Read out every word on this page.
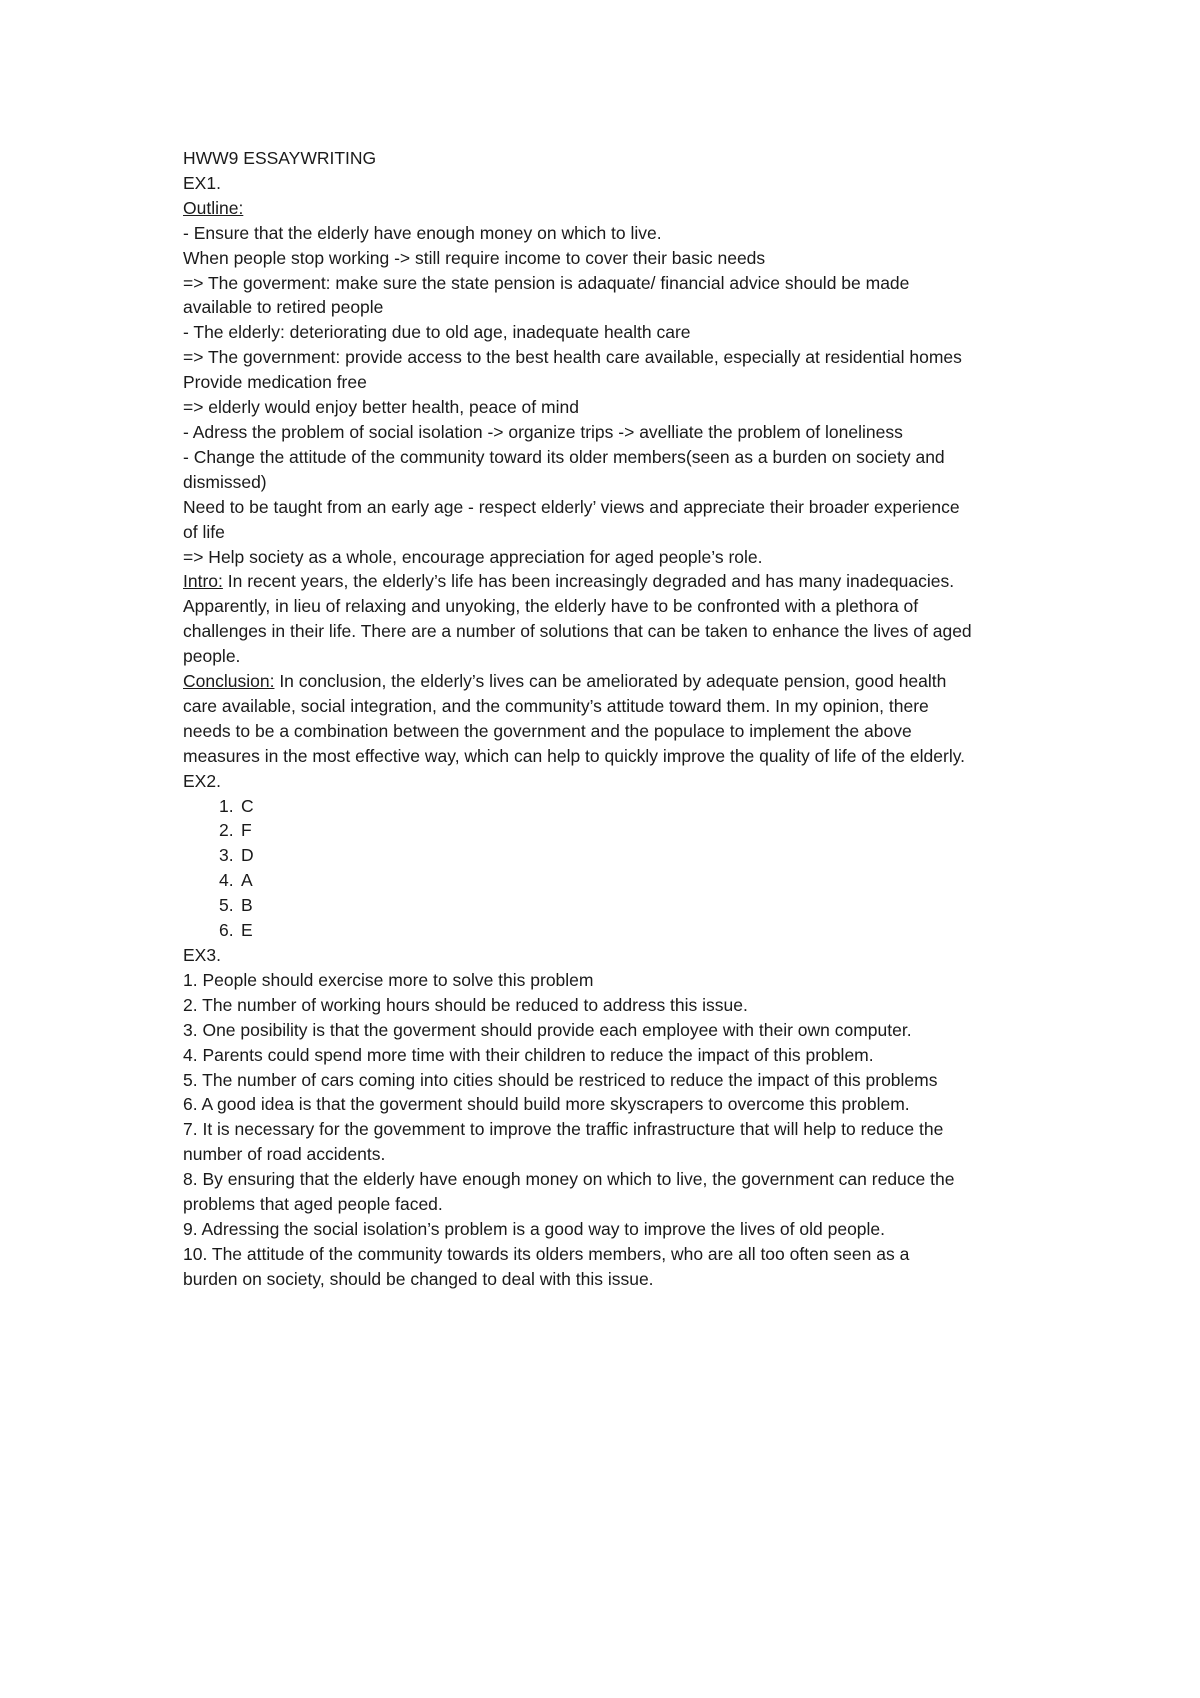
HWW9 ESSAYWRITING
EX1.
Outline:
- Ensure that the elderly have enough money on which to live.
When people stop working -> still require income to cover their basic needs
=> The goverment: make sure the state pension is adaquate/ financial advice should be made
available to retired people
- The elderly: deteriorating due to old age, inadequate health care
=> The government: provide access to the best health care available, especially at residential homes
Provide medication free
=> elderly would enjoy better health, peace of mind
- Adress the problem of social isolation -> organize trips -> avelliate the problem of loneliness
- Change the attitude of the community toward its older members(seen as a burden on society and
dismissed)
Need to be taught from an early age - respect elderly’ views and appreciate their broader experience
of life
=> Help society as a whole, encourage appreciation for aged people’s role.
Intro: In recent years, the elderly’s life has been increasingly degraded and has many inadequacies.
Apparently, in lieu of relaxing and unyoking, the elderly have to be confronted with a plethora of
challenges in their life. There are a number of solutions that can be taken to enhance the lives of aged
people.
Conclusion: In conclusion, the elderly’s lives can be ameliorated by adequate pension, good health
care available, social integration, and the community’s attitude toward them. In my opinion, there
needs to be a combination between the government and the populace to implement the above
measures in the most effective way, which can help to quickly improve the quality of life of the elderly.
EX2.
1. C
2. F
3. D
4. A
5. B
6. E
EX3.
1. People should exercise more to solve this problem
2. The number of working hours should be reduced to address this issue.
3. One posibility is that the goverment should provide each employee with their own computer.
4. Parents could spend more time with their children to reduce the impact of this problem.
5. The number of cars coming into cities should be restriced to reduce the impact of this problems
6. A good idea is that the goverment should build more skyscrapers to overcome this problem.
7. It is necessary for the govemment to improve the traffic infrastructure that will help to reduce the
number of road accidents.
8. By ensuring that the elderly have enough money on which to live, the government can reduce the
problems that aged people faced.
9. Adressing the social isolation’s problem is a good way to improve the lives of old people.
10. The attitude of the community towards its olders members, who are all too often seen as a
burden on society, should be changed to deal with this issue.
